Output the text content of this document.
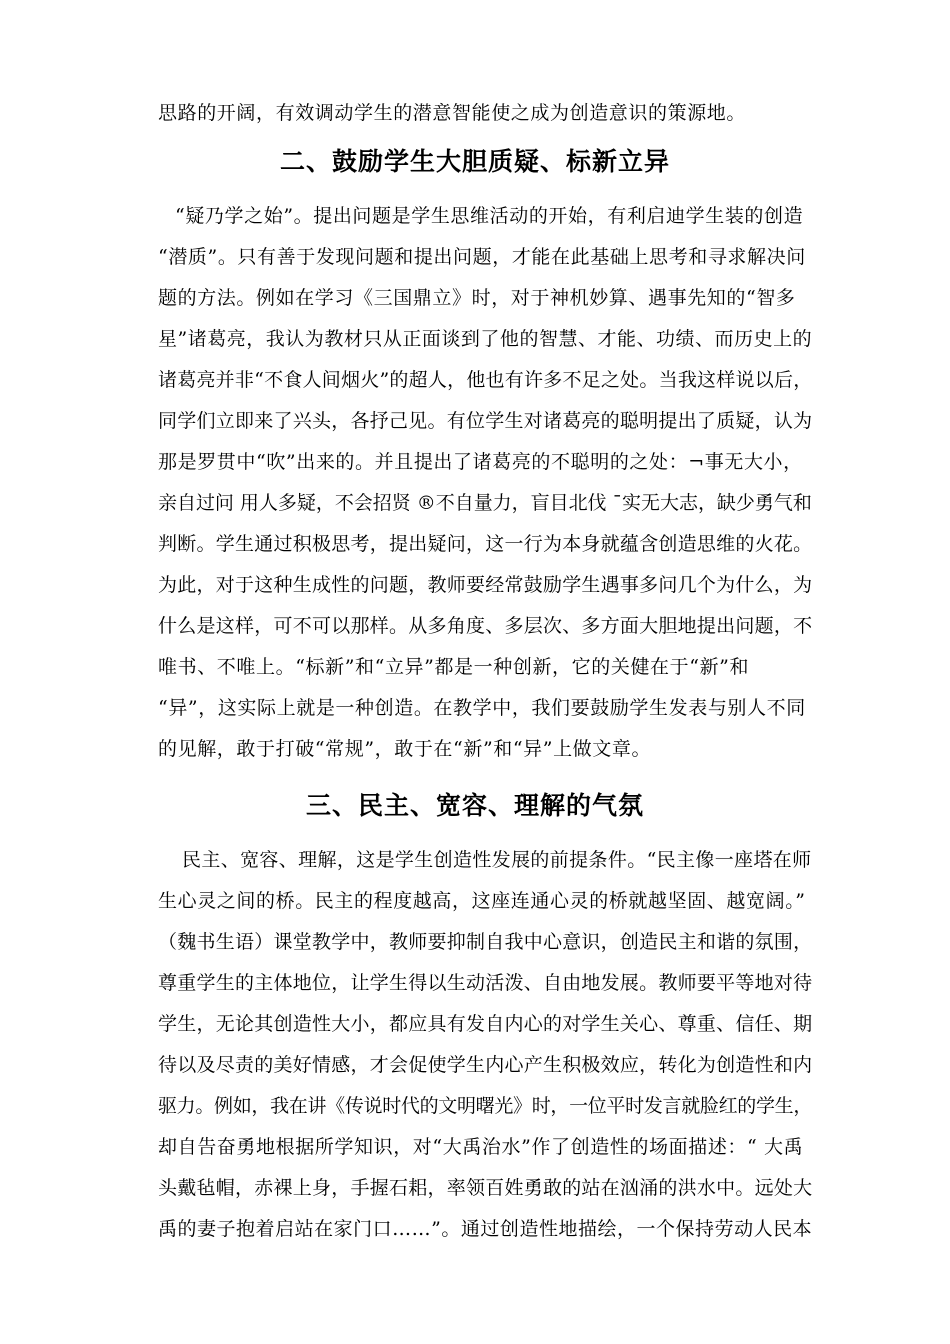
思路的开阔，有效调动学生的潜意智能使之成为创造意识的策源地。
二、鼓励学生大胆质疑、标新立异
“疑乃学之始”。提出问题是学生思维活动的开始，有利启迪学生装的创造
“潜质”。只有善于发现问题和提出问题，才能在此基础上思考和寻求解决问
题的方法。例如在学习《三国鼎立》时，对于神机妙算、遇事先知的“智多
星”诸葛亮，我认为教材只从正面谈到了他的智慧、才能、功绩、而历史上的
诸葛亮并非“不食人间烟火”的超人，他也有许多不足之处。当我这样说以后，
同学们立即来了兴头，各抒己见。有位学生对诸葛亮的聪明提出了质疑，认为
那是罗贯中“吹”出来的。并且提出了诸葛亮的不聪明的之处：¬事无大小，
亲自过问 用人多疑，不会招贤 ®不自量力，盲目北伐 ¯实无大志，缺少勇气和
判断。学生通过积极思考，提出疑问，这一行为本身就蕴含创造思维的火花。
为此，对于这种生成性的问题，教师要经常鼓励学生遇事多问几个为什么，为
什么是这样，可不可以那样。从多角度、多层次、多方面大胆地提出问题，不
唯书、不唯上。“标新”和“立异”都是一种创新，它的关健在于“新”和
“异”，这实际上就是一种创造。在教学中，我们要鼓励学生发表与别人不同
的见解，敢于打破“常规”，敢于在“新”和“异”上做文章。
三、民主、宽容、理解的气氛
民主、宽容、理解，这是学生创造性发展的前提条件。“民主像一座塔在师
生心灵之间的桥。民主的程度越高，这座连通心灵的桥就越坚固、越宽阔。”
（魏书生语）课堂教学中，教师要抑制自我中心意识，创造民主和谐的氛围，
尊重学生的主体地位，让学生得以生动活泼、自由地发展。教师要平等地对待
学生，无论其创造性大小，都应具有发自内心的对学生关心、尊重、信任、期
待以及尽责的美好情感，才会促使学生内心产生积极效应，转化为创造性和内
驱力。例如，我在讲《传说时代的文明曙光》时，一位平时发言就脸红的学生，
却自告奋勇地根据所学知识，对“大禹治水”作了创造性的场面描述：“ 大禹
头戴毡帽，赤裸上身，手握石耜，率领百姓勇敢的站在汹涌的洪水中。远处大
禹的妻子抱着启站在家门口……”。通过创造性地描绘，一个保持劳动人民本
